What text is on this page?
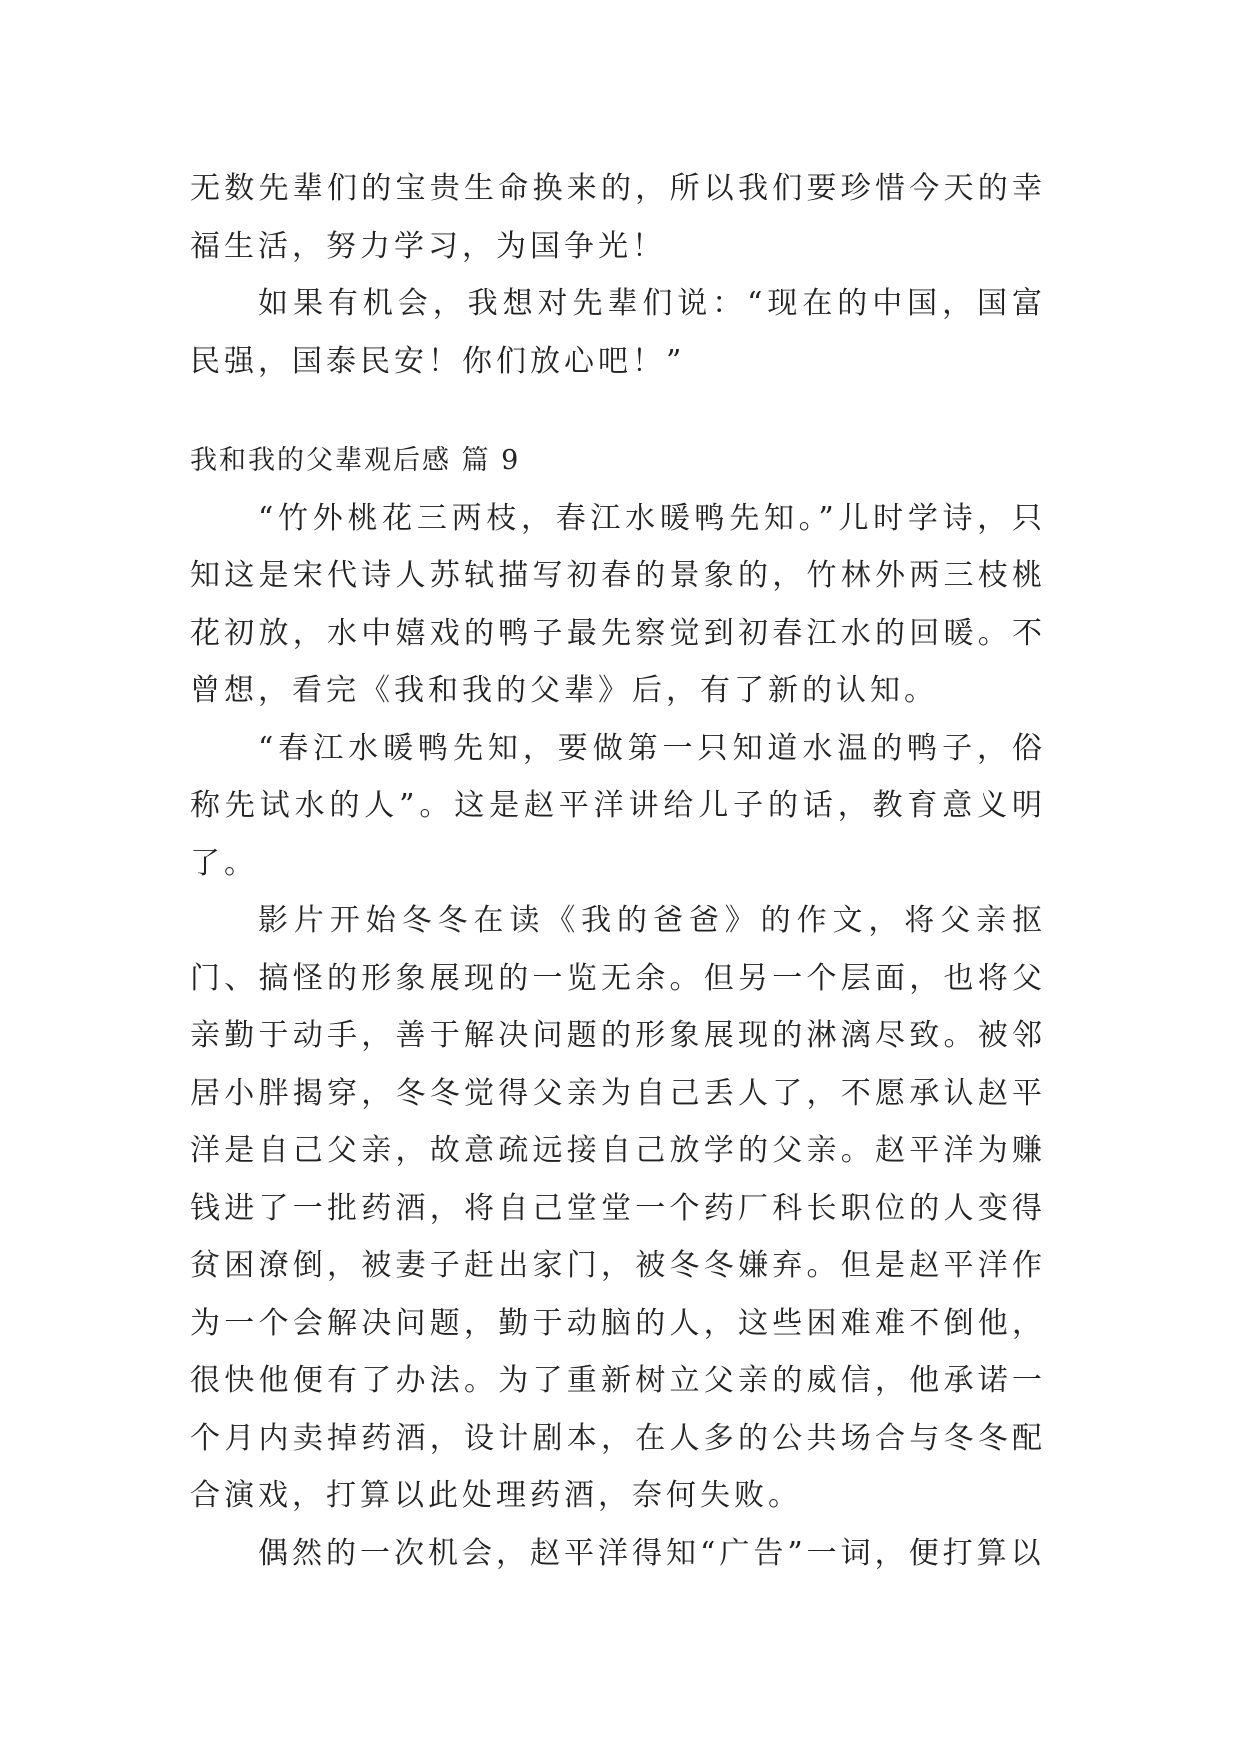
无数先辈们的宝贵生命换来的，所以我们要珍惜今天的幸福生活，努力学习，为国争光！

如果有机会，我想对先辈们说：“现在的中国，国富民强，国泰民安！你们放心吧！”

我和我的父辈观后感 篇 9

“竹外桃花三两枝，春江水暖鸭先知。”儿时学诗，只知这是宋代诗人苏轼描写初春的景象的，竹林外两三枝桃花初放，水中嬉戏的鸭子最先察觉到初春江水的回暖。不曾想，看完《我和我的父辈》后，有了新的认知。

“春江水暖鸭先知，要做第一只知道水温的鸭子，俗称先试水的人”。这是赵平洋讲给儿子的话，教育意义明了。

影片开始冬冬在读《我的爸爸》的作文，将父亲抠门、搞怪的形象展现的一览无余。但另一个层面，也将父亲勤于动手，善于解决问题的形象展现的淋漓尽致。被邻居小胖揭穿，冬冬觉得父亲为自己丢人了，不愿承认赵平洋是自己父亲，故意疏远接自己放学的父亲。赵平洋为赚钱进了一批药酒，将自己堂堂一个药厂科长职位的人变得贫困潦倒，被妻子赶出家门，被冬冬嫌弃。但是赵平洋作为一个会解决问题，勤于动脑的人，这些困难难不倒他，很快他便有了办法。为了重新树立父亲的威信，他承诺一个月内卖掉药酒，设计剧本，在人多的公共场合与冬冬配合演戏，打算以此处理药酒，奈何失败。

偶然的一次机会，赵平洋得知“广告”一词，便打算以
